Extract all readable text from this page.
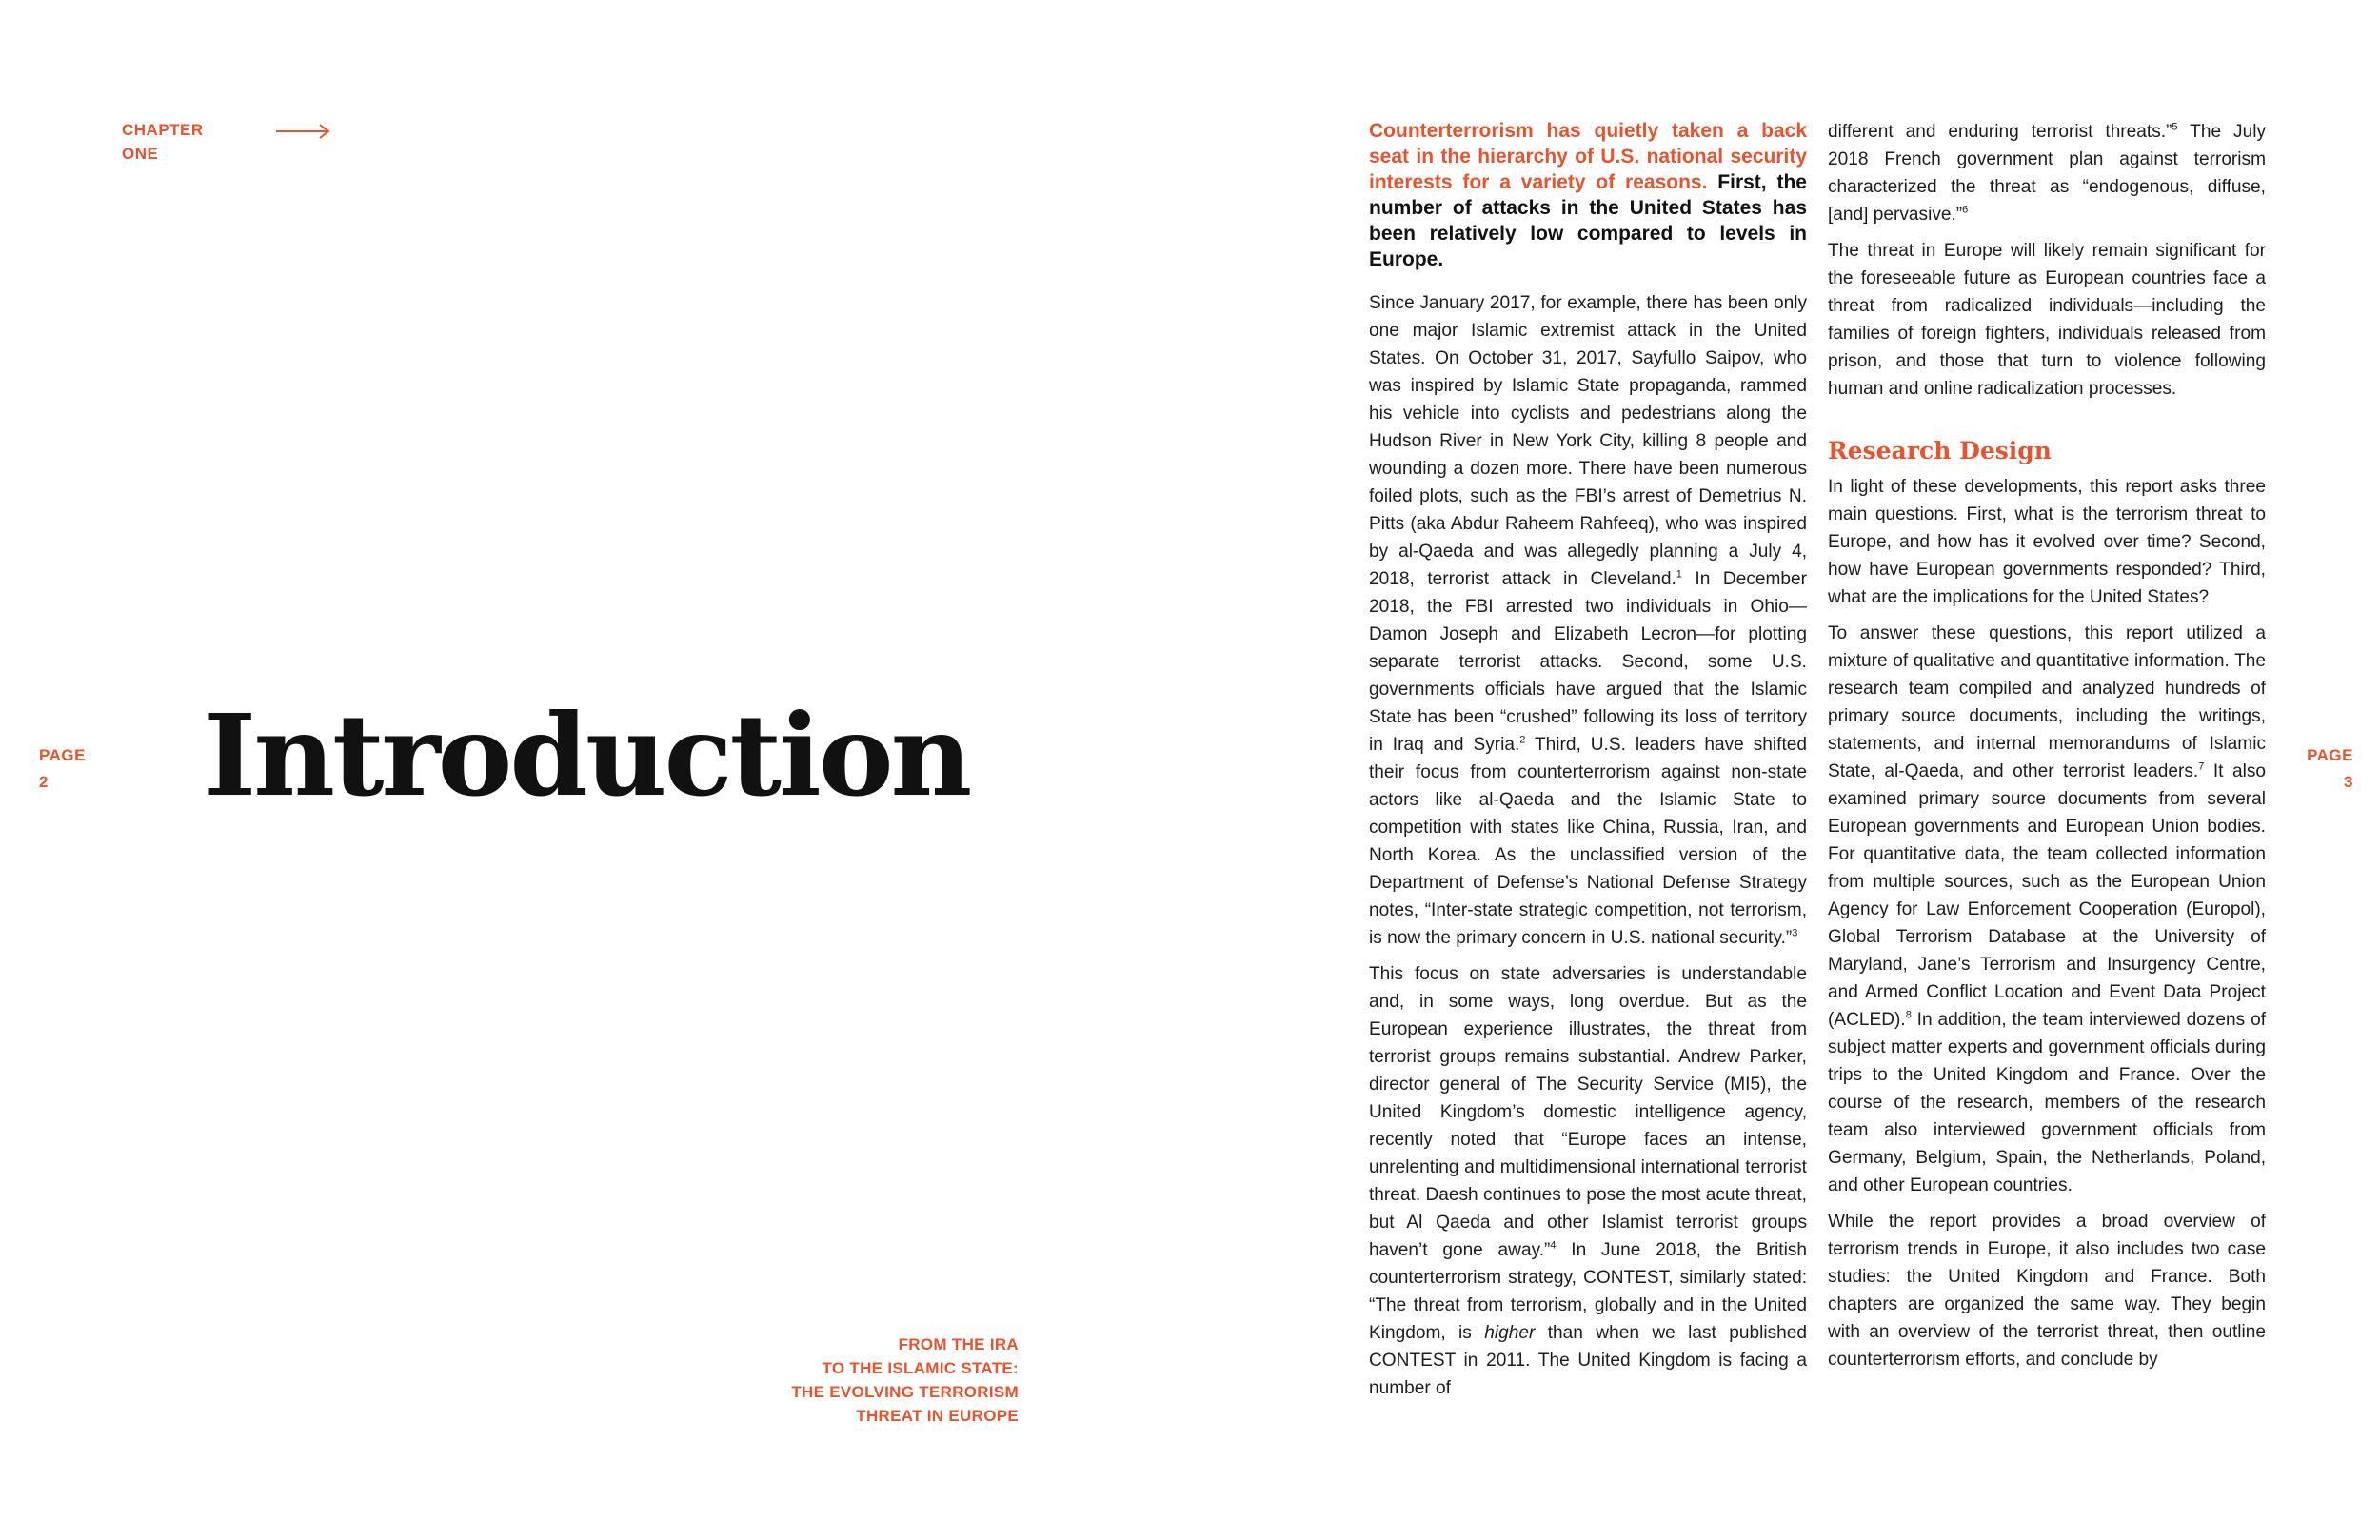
CHAPTER
ONE
PAGE
2	Introduction
FROM THE IRA
TO THE ISLAMIC STATE:
THE EVOLVING TERRORISM
THREAT IN EUROPE

Counterterrorism has quietly taken a back seat in the hierarchy of U.S. national security interests for a variety of reasons. First, the number of attacks in the United States has been relatively low compared to levels in Europe.

Since January 2017, for example, there has been only one major Islamic extremist attack in the United States. On October 31, 2017, Sayfullo Saipov, who was inspired by Islamic State propaganda, rammed his vehicle into cyclists and pedestrians along the Hudson River in New York City, killing 8 people and wounding a dozen more. There have been numerous foiled plots, such as the FBI’s arrest of Demetrius N. Pitts (aka Abdur Raheem Rahfeeq), who was inspired by al-Qaeda and was allegedly planning a July 4, 2018, terrorist attack in Cleveland.$^1$ In December 2018, the FBI arrested two individuals in Ohio—Damon Joseph and Elizabeth Lecron—for plotting separate terrorist attacks. Second, some U.S. governments officials have argued that the Islamic State has been “crushed” following its loss of territory in Iraq and Syria.$^2$ Third, U.S. leaders have shifted their focus from counterterrorism against non-state actors like al-Qaeda and the Islamic State to competition with states like China, Russia, Iran, and North Korea. As the unclassified version of the Department of Defense’s National Defense Strategy notes, “Inter-state strategic competition, not terrorism, is now the primary concern in U.S. national security.”$^3$

This focus on state adversaries is understandable and, in some ways, long overdue. But as the European experience illustrates, the threat from terrorist groups remains substantial. Andrew Parker, director general of The Security Service (MI5), the United Kingdom’s domestic intelligence agency, recently noted that “Europe faces an intense, unrelenting and multidimensional international terrorist threat. Daesh continues to pose the most acute threat, but Al Qaeda and other Islamist terrorist groups haven’t gone away.”$^4$ In June 2018, the British counterterrorism strategy, CONTEST, similarly stated: “The threat from terrorism, globally and in the United Kingdom, is higher than when we last published CONTEST in 2011. The United Kingdom is facing a number of

different and enduring terrorist threats.”$^5$ The July 2018 French government plan against terrorism characterized the threat as “endogenous, diffuse, [and] pervasive.”$^6$

The threat in Europe will likely remain significant for the foreseeable future as European countries face a threat from radicalized individuals—including the families of foreign fighters, individuals released from prison, and those that turn to violence following human and online radicalization processes.

Research Design

In light of these developments, this report asks three main questions. First, what is the terrorism threat to Europe, and how has it evolved over time? Second, how have European governments responded? Third, what are the implications for the United States?

To answer these questions, this report utilized a mixture of qualitative and quantitative information. The research team compiled and analyzed hundreds of primary source documents, including the writings, statements, and internal memorandums of Islamic State, al-Qaeda, and other terrorist leaders.$^7$ It also examined primary source documents from several European governments and European Union bodies. For quantitative data, the team collected information from multiple sources, such as the European Union Agency for Law Enforcement Cooperation (Europol), Global Terrorism Database at the University of Maryland, Jane’s Terrorism and Insurgency Centre, and Armed Conflict Location and Event Data Project (ACLED).$^8$ In addition, the team interviewed dozens of subject matter experts and government officials during trips to the United Kingdom and France. Over the course of the research, members of the research team also interviewed government officials from Germany, Belgium, Spain, the Netherlands, Poland, and other European countries.

While the report provides a broad overview of terrorism trends in Europe, it also includes two case studies: the United Kingdom and France. Both chapters are organized the same way. They begin with an overview of the terrorist threat, then outline counterterrorism efforts, and conclude by

PAGE
3
